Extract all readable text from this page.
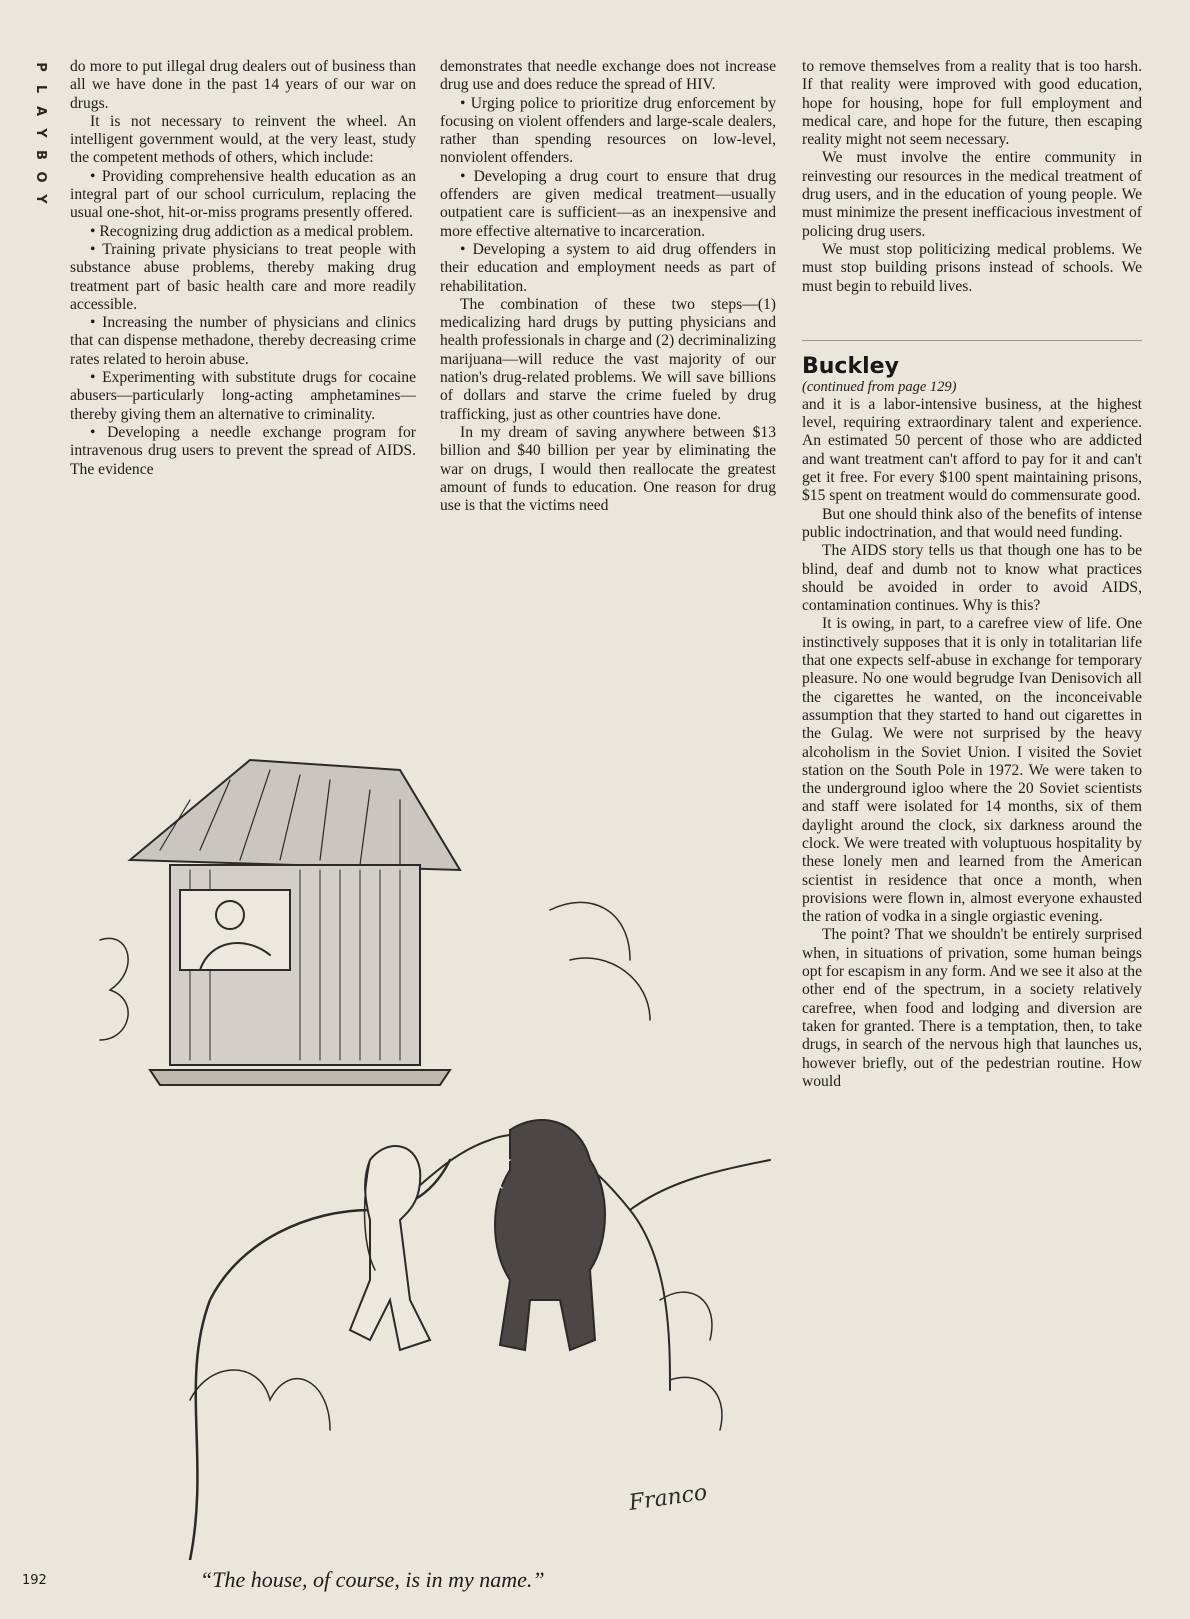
P
L
A
Y
B
O
Y

do more to put illegal drug dealers out of business than all we have done in the past 14 years of our war on drugs.

It is not necessary to reinvent the wheel. An intelligent government would, at the very least, study the competent methods of others, which include:

• Providing comprehensive health education as an integral part of our school curriculum, replacing the usual one-shot, hit-or-miss programs presently offered.

• Recognizing drug addiction as a medical problem.

• Training private physicians to treat people with substance abuse problems, thereby making drug treatment part of basic health care and more readily accessible.

• Increasing the number of physicians and clinics that can dispense methadone, thereby decreasing crime rates related to heroin abuse.

• Experimenting with substitute drugs for cocaine abusers—particularly long-acting amphetamines—thereby giving them an alternative to criminality.

• Developing a needle exchange program for intravenous drug users to prevent the spread of AIDS. The evidence

demonstrates that needle exchange does not increase drug use and does reduce the spread of HIV.

• Urging police to prioritize drug enforcement by focusing on violent offenders and large-scale dealers, rather than spending resources on low-level, nonviolent offenders.

• Developing a drug court to ensure that drug offenders are given medical treatment—usually outpatient care is sufficient—as an inexpensive and more effective alternative to incarceration.

• Developing a system to aid drug offenders in their education and employment needs as part of rehabilitation.

The combination of these two steps—(1) medicalizing hard drugs by putting physicians and health professionals in charge and (2) decriminalizing marijuana—will reduce the vast majority of our nation's drug-related problems. We will save billions of dollars and starve the crime fueled by drug trafficking, just as other countries have done.

In my dream of saving anywhere between $13 billion and $40 billion per year by eliminating the war on drugs, I would then reallocate the greatest amount of funds to education. One reason for drug use is that the victims need

to remove themselves from a reality that is too harsh. If that reality were improved with good education, hope for housing, hope for full employment and medical care, and hope for the future, then escaping reality might not seem necessary.

We must involve the entire community in reinvesting our resources in the medical treatment of drug users, and in the education of young people. We must minimize the present inefficacious investment of policing drug users.

We must stop politicizing medical problems. We must stop building prisons instead of schools. We must begin to rebuild lives.

Buckley

(continued from page 129)

and it is a labor-intensive business, at the highest level, requiring extraordinary talent and experience. An estimated 50 percent of those who are addicted and want treatment can't afford to pay for it and can't get it free. For every $100 spent maintaining prisons, $15 spent on treatment would do commensurate good.

But one should think also of the benefits of intense public indoctrination, and that would need funding.

The AIDS story tells us that though one has to be blind, deaf and dumb not to know what practices should be avoided in order to avoid AIDS, contamination continues. Why is this?

It is owing, in part, to a carefree view of life. One instinctively supposes that it is only in totalitarian life that one expects self-abuse in exchange for temporary pleasure. No one would begrudge Ivan Denisovich all the cigarettes he wanted, on the inconceivable assumption that they started to hand out cigarettes in the Gulag. We were not surprised by the heavy alcoholism in the Soviet Union. I visited the Soviet station on the South Pole in 1972. We were taken to the underground igloo where the 20 Soviet scientists and staff were isolated for 14 months, six of them daylight around the clock, six darkness around the clock. We were treated with voluptuous hospitality by these lonely men and learned from the American scientist in residence that once a month, when provisions were flown in, almost everyone exhausted the ration of vodka in a single orgiastic evening.

The point? That we shouldn't be entirely surprised when, in situations of privation, some human beings opt for escapism in any form. And we see it also at the other end of the spectrum, in a society relatively carefree, when food and lodging and diversion are taken for granted. There is a temptation, then, to take drugs, in search of the nervous high that launches us, however briefly, out of the pedestrian routine. How would

Franco
“The house, of course, is in my name.”
192
